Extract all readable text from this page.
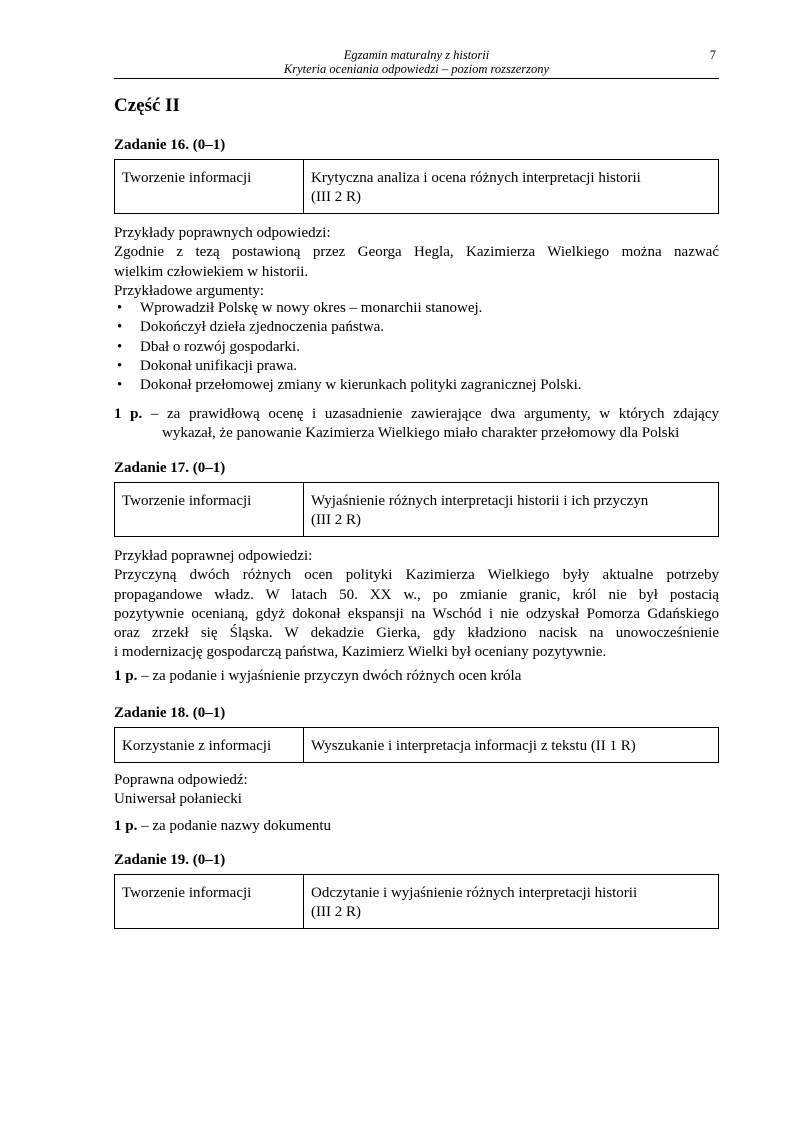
Egzamin maturalny z historii
Kryteria oceniania odpowiedzi – poziom rozszerzony
7
Część II
Zadanie 16. (0–1)
Tworzenie informacji	Krytyczna analiza i ocena różnych interpretacji historii
(III 2 R)
Przykłady poprawnych odpowiedzi:
Zgodnie z tezą postawioną przez Georga Hegla, Kazimierza Wielkiego można nazwać
wielkim człowiekiem w historii.
Przykładowe argumenty:
• Wprowadził Polskę w nowy okres – monarchii stanowej.
• Dokończył dzieła zjednoczenia państwa.
• Dbał o rozwój gospodarki.
• Dokonał unifikacji prawa.
• Dokonał przełomowej zmiany w kierunkach polityki zagranicznej Polski.
1 p. – za prawidłową ocenę i uzasadnienie zawierające dwa argumenty, w których zdający
wykazał, że panowanie Kazimierza Wielkiego miało charakter przełomowy dla Polski
Zadanie 17. (0–1)
Tworzenie informacji	Wyjaśnienie różnych interpretacji historii i ich przyczyn
(III 2 R)
Przykład poprawnej odpowiedzi:
Przyczyną dwóch różnych ocen polityki Kazimierza Wielkiego były aktualne potrzeby
propagandowe władz. W latach 50. XX w., po zmianie granic, król nie był postacią
pozytywnie ocenianą, gdyż dokonał ekspansji na Wschód i nie odzyskał Pomorza Gdańskiego
oraz zrzekł się Śląska. W dekadzie Gierka, gdy kładziono nacisk na unowocześnienie
i modernizację gospodarczą państwa, Kazimierz Wielki był oceniany pozytywnie.
1 p. – za podanie i wyjaśnienie przyczyn dwóch różnych ocen króla
Zadanie 18. (0–1)
Korzystanie z informacji	Wyszukanie i interpretacja informacji z tekstu (II 1 R)
Poprawna odpowiedź:
Uniwersał połaniecki
1 p. – za podanie nazwy dokumentu
Zadanie 19. (0–1)
Tworzenie informacji	Odczytanie i wyjaśnienie różnych interpretacji historii
(III 2 R)
